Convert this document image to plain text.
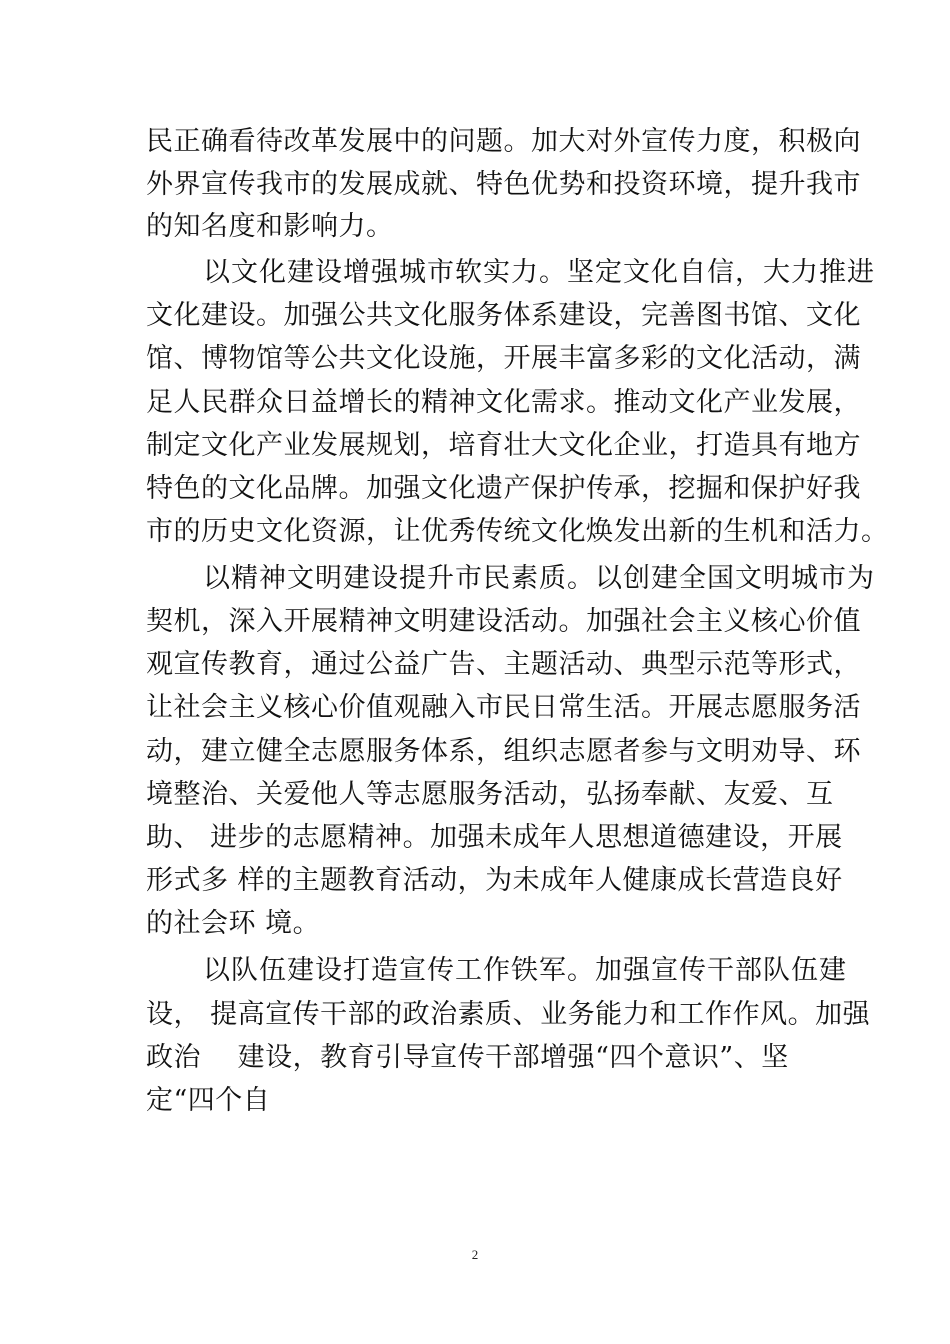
民正确看待改革发展中的问题。加大对外宣传力度，积极向

外界宣传我市的发展成就、特色优势和投资环境，提升我市

的知名度和影响力。

以文化建设增强城市软实力。坚定文化自信，大力推进

文化建设。加强公共文化服务体系建设，完善图书馆、文化

馆、博物馆等公共文化设施，开展丰富多彩的文化活动，满

足人民群众日益增长的精神文化需求。推动文化产业发展，

制定文化产业发展规划，培育壮大文化企业，打造具有地方

特色的文化品牌。加强文化遗产保护传承，挖掘和保护好我

市的历史文化资源，让优秀传统文化焕发出新的生机和活力。

以精神文明建设提升市民素质。以创建全国文明城市为

契机，深入开展精神文明建设活动。加强社会主义核心价值

观宣传教育，通过公益广告、主题活动、典型示范等形式，

让社会主义核心价值观融入市民日常生活。开展志愿服务活

动，建立健全志愿服务体系，组织志愿者参与文明劝导、环

境整治、关爱他人等志愿服务活动，弘扬奉献、友爱、互

助、 进步的志愿精神。加强未成年人思想道德建设，开展

形式多 样的主题教育活动，为未成年人健康成长营造良好

的社会环 境。

以队伍建设打造宣传工作铁军。加强宣传干部队伍建

设， 提高宣传干部的政治素质、业务能力和工作作风。加强

政治　 建设，教育引导宣传干部增强“四个意识”、坚

定“四个自

2
